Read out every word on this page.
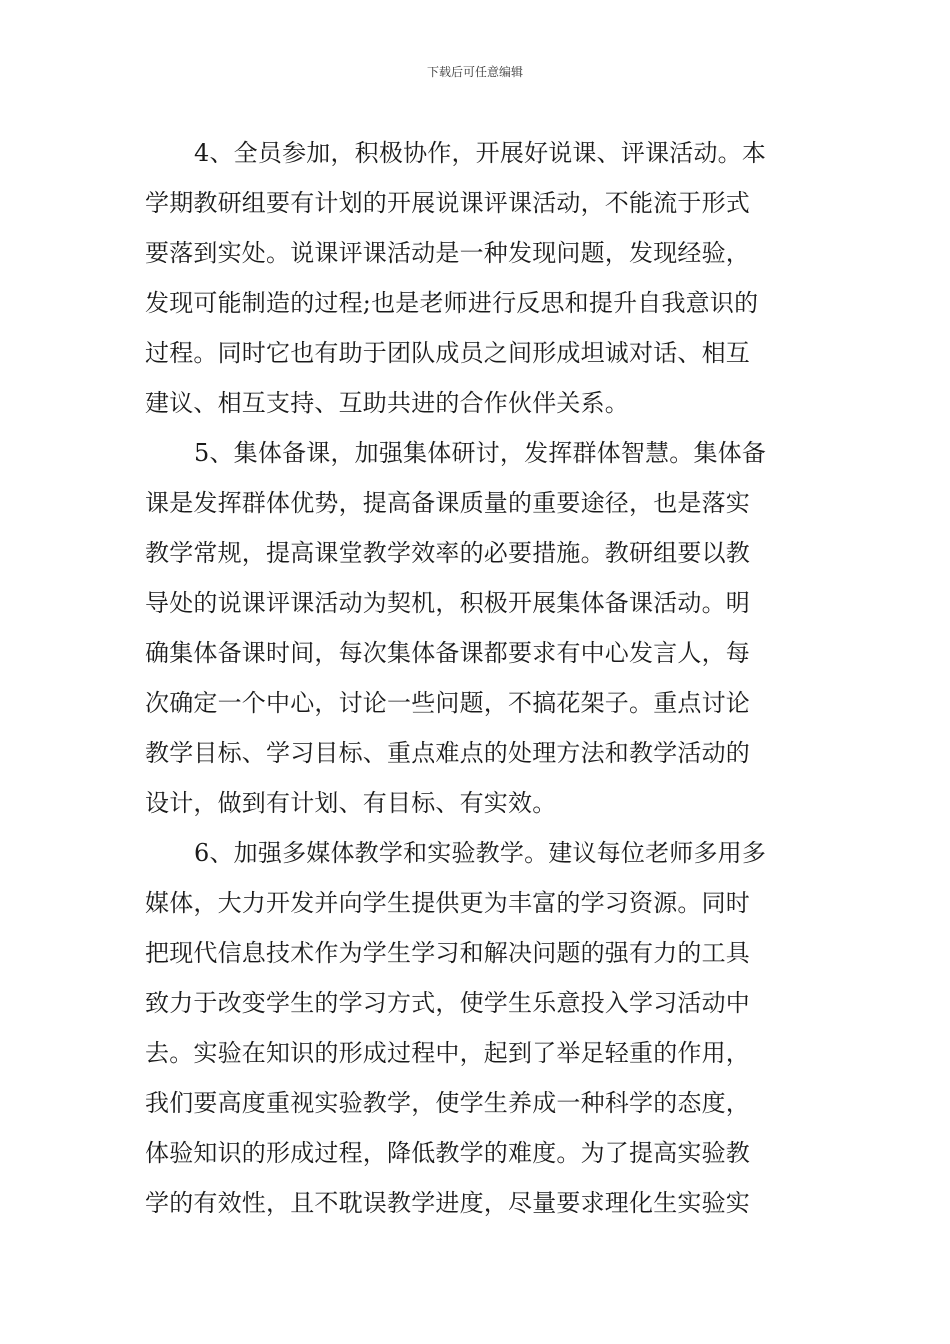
下载后可任意编辑
4、全员参加，积极协作，开展好说课、评课活动。本
学期教研组要有计划的开展说课评课活动，不能流于形式
要落到实处。说课评课活动是一种发现问题，发现经验，
发现可能制造的过程;也是老师进行反思和提升自我意识的
过程。同时它也有助于团队成员之间形成坦诚对话、相互
建议、相互支持、互助共进的合作伙伴关系。
5、集体备课，加强集体研讨，发挥群体智慧。集体备
课是发挥群体优势，提高备课质量的重要途径，也是落实
教学常规，提高课堂教学效率的必要措施。教研组要以教
导处的说课评课活动为契机，积极开展集体备课活动。明
确集体备课时间，每次集体备课都要求有中心发言人，每
次确定一个中心，讨论一些问题，不搞花架子。重点讨论
教学目标、学习目标、重点难点的处理方法和教学活动的
设计，做到有计划、有目标、有实效。
6、加强多媒体教学和实验教学。建议每位老师多用多
媒体，大力开发并向学生提供更为丰富的学习资源。同时
把现代信息技术作为学生学习和解决问题的强有力的工具
致力于改变学生的学习方式，使学生乐意投入学习活动中
去。实验在知识的形成过程中，起到了举足轻重的作用，
我们要高度重视实验教学，使学生养成一种科学的态度，
体验知识的形成过程，降低教学的难度。为了提高实验教
学的有效性，且不耽误教学进度，尽量要求理化生实验实
